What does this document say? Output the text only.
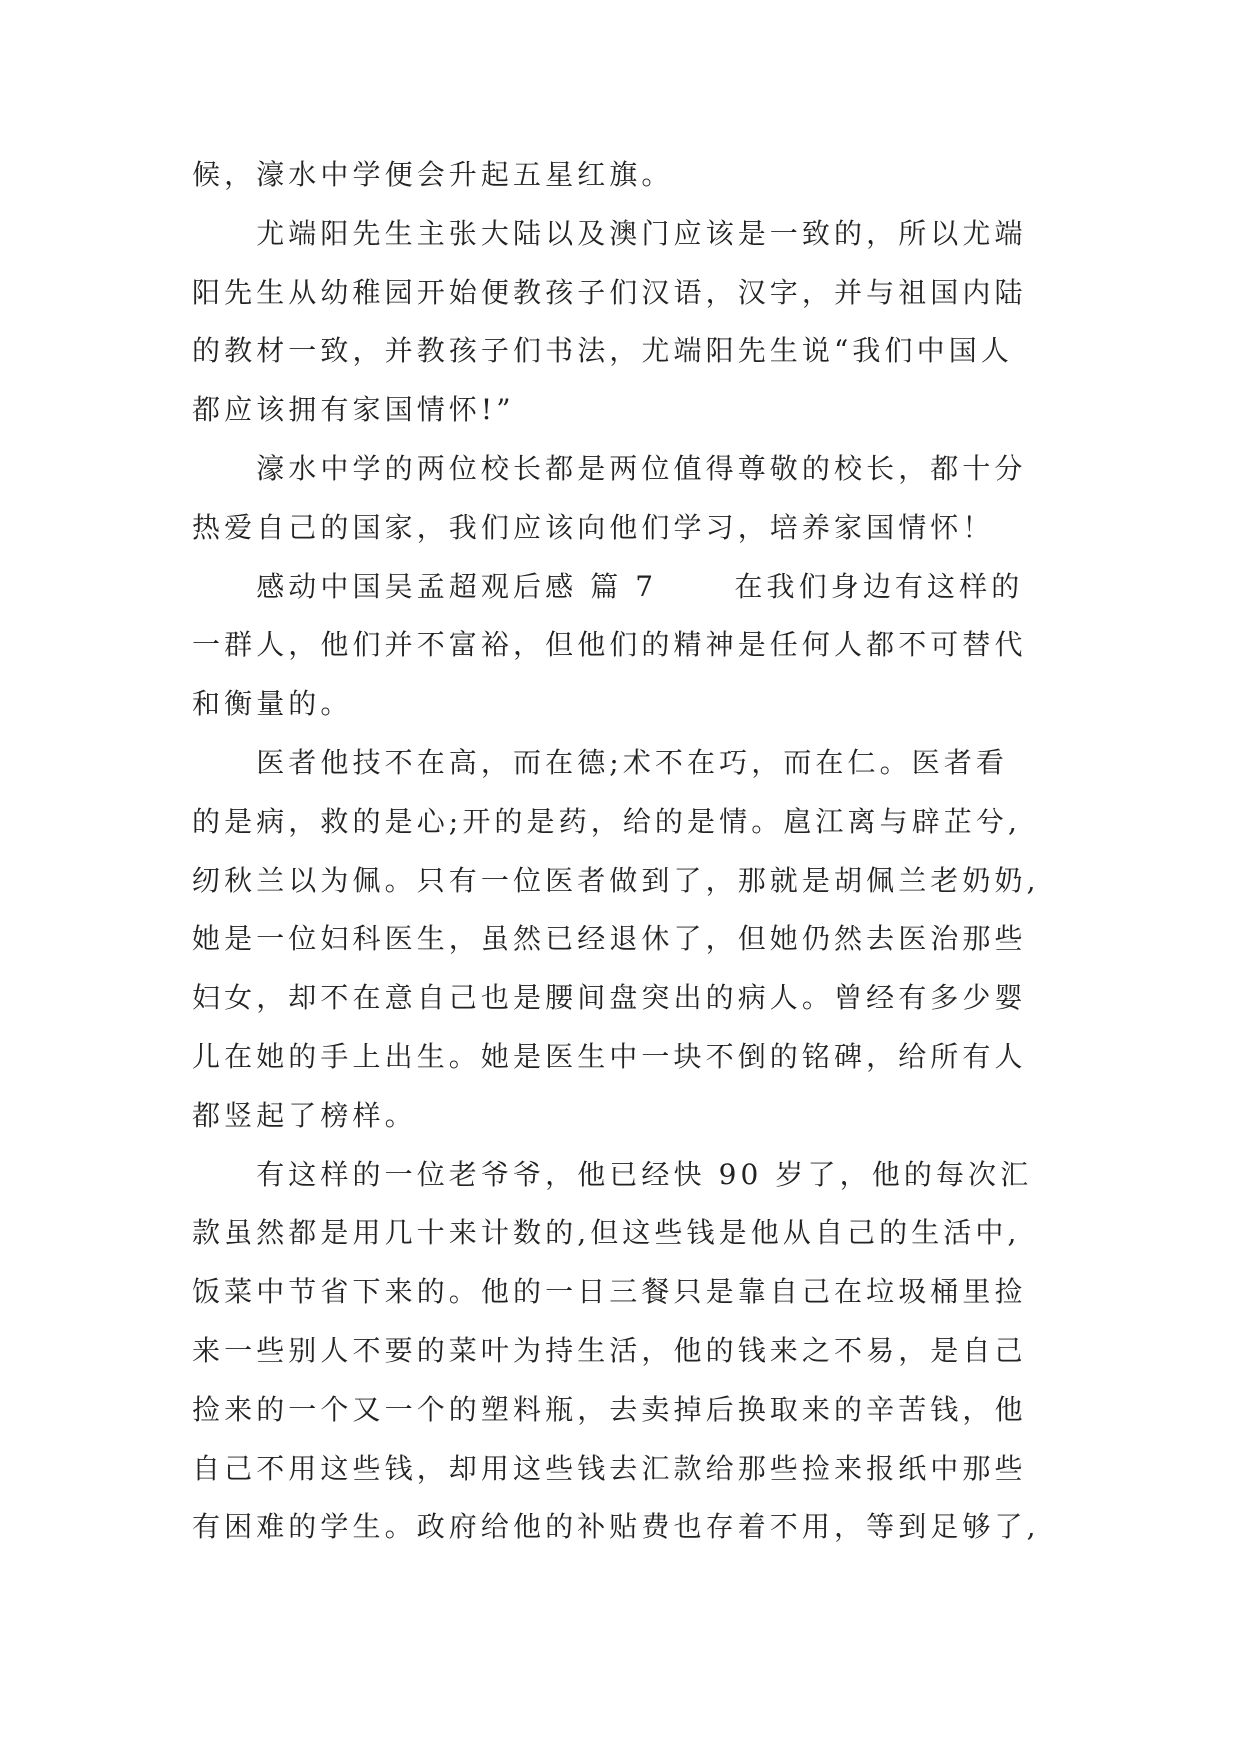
候，濠水中学便会升起五星红旗。
　　尤端阳先生主张大陆以及澳门应该是一致的，所以尤端
阳先生从幼稚园开始便教孩子们汉语，汉字，并与祖国内陆
的教材一致，并教孩子们书法，尤端阳先生说“我们中国人
都应该拥有家国情怀!”
　　濠水中学的两位校长都是两位值得尊敬的校长，都十分
热爱自己的国家，我们应该向他们学习，培养家国情怀！
　　感动中国吴孟超观后感 篇 7　　 在我们身边有这样的
一群人，他们并不富裕，但他们的精神是任何人都不可替代
和衡量的。
　　医者他技不在高，而在德;术不在巧，而在仁。医者看
的是病，救的是心;开的是药，给的是情。扈江离与辟芷兮,
纫秋兰以为佩。只有一位医者做到了，那就是胡佩兰老奶奶,
她是一位妇科医生，虽然已经退休了，但她仍然去医治那些
妇女，却不在意自己也是腰间盘突出的病人。曾经有多少婴
儿在她的手上出生。她是医生中一块不倒的铭碑，给所有人
都竖起了榜样。
　　有这样的一位老爷爷，他已经快 90 岁了，他的每次汇
款虽然都是用几十来计数的,但这些钱是他从自己的生活中,
饭菜中节省下来的。他的一日三餐只是靠自己在垃圾桶里捡
来一些别人不要的菜叶为持生活，他的钱来之不易，是自己
捡来的一个又一个的塑料瓶，去卖掉后换取来的辛苦钱，他
自己不用这些钱，却用这些钱去汇款给那些捡来报纸中那些
有困难的学生。政府给他的补贴费也存着不用，等到足够了,
